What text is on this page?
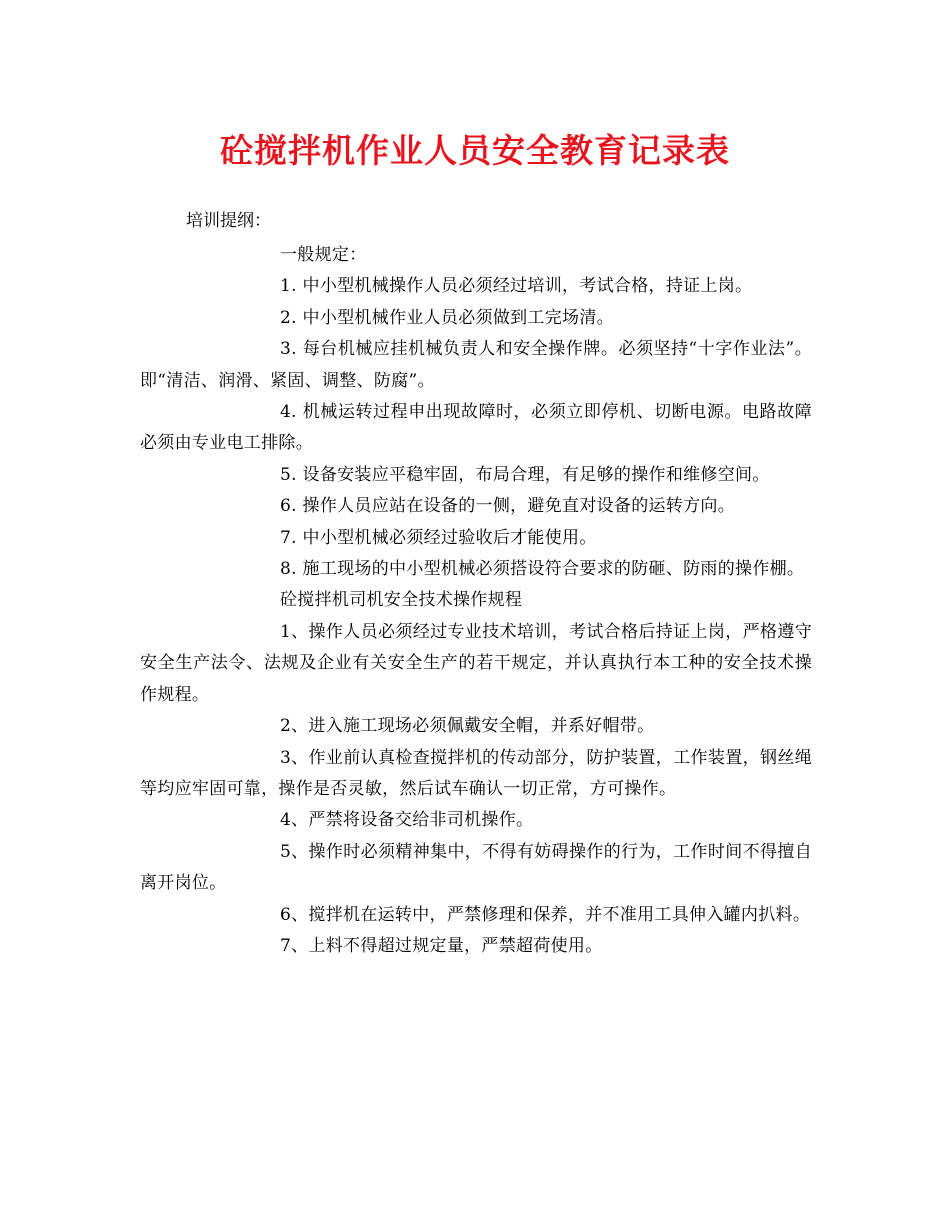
砼搅拌机作业人员安全教育记录表

培训提纲：

一般规定：

1. 中小型机械操作人员必须经过培训，考试合格，持证上岗。

2. 中小型机械作业人员必须做到工完场清。

3. 每台机械应挂机械负责人和安全操作牌。必须坚持“十字作业法”。即“清洁、润滑、紧固、调整、防腐”。

4. 机械运转过程申出现故障时，必须立即停机、切断电源。电路故障必须由专业电工排除。

5. 设备安装应平稳牢固，布局合理，有足够的操作和维修空间。

6. 操作人员应站在设备的一侧，避免直对设备的运转方向。

7. 中小型机械必须经过验收后才能使用。

8. 施工现场的中小型机械必须搭设符合要求的防砸、防雨的操作棚。

砼搅拌机司机安全技术操作规程

1、操作人员必须经过专业技术培训，考试合格后持证上岗，严格遵守安全生产法令、法规及企业有关安全生产的若干规定，并认真执行本工种的安全技术操作规程。

2、进入施工现场必须佩戴安全帽，并系好帽带。

3、作业前认真检查搅拌机的传动部分，防护装置，工作装置，钢丝绳等均应牢固可靠，操作是否灵敏，然后试车确认一切正常，方可操作。

4、严禁将设备交给非司机操作。

5、操作时必须精神集中，不得有妨碍操作的行为，工作时间不得擅自离开岗位。

6、搅拌机在运转中，严禁修理和保养，并不准用工具伸入罐内扒料。

7、上料不得超过规定量，严禁超荷使用。
